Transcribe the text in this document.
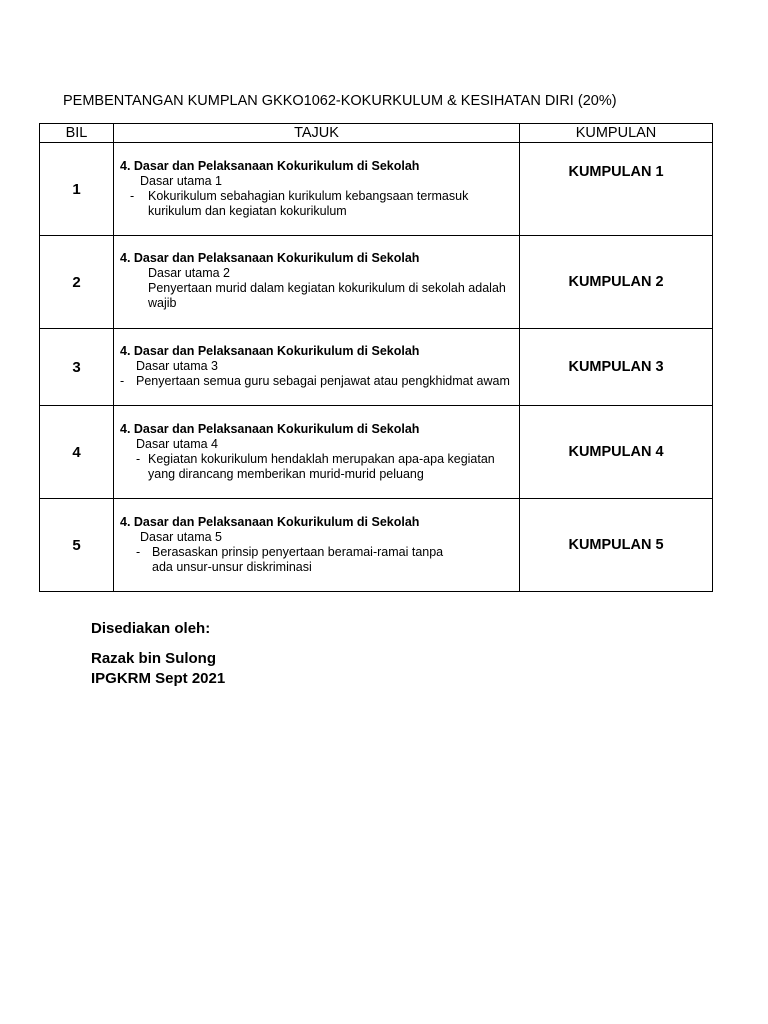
PEMBENTANGAN KUMPLAN GKKO1062-KOKURKULUM & KESIHATAN DIRI (20%)
BIL	TAJUK	KUMPULAN
1	4. Dasar dan Pelaksanaan Kokurikulum di Sekolah
Dasar utama 1
- Kokurikulum sebahagian kurikulum kebangsaan termasuk kurikulum dan kegiatan kokurikulum	KUMPULAN 1

2	4. Dasar dan Pelaksanaan Kokurikulum di Sekolah
Dasar utama 2
Penyertaan murid dalam kegiatan kokurikulum di sekolah adalah wajib	KUMPULAN 2

3	4. Dasar dan Pelaksanaan Kokurikulum di Sekolah
Dasar utama 3
- Penyertaan semua guru sebagai penjawat atau pengkhidmat awam	KUMPULAN 3

4	4. Dasar dan Pelaksanaan Kokurikulum di Sekolah
Dasar utama 4
- Kegiatan kokurikulum hendaklah merupakan apa-apa kegiatan yang dirancang memberikan murid-murid peluang	KUMPULAN 4

5	4. Dasar dan Pelaksanaan Kokurikulum di Sekolah
Dasar utama 5
- Berasaskan prinsip penyertaan beramai-ramai tanpa ada unsur-unsur diskriminasi	KUMPULAN 5
Disediakan oleh:
Razak bin Sulong
IPGKRM Sept 2021
